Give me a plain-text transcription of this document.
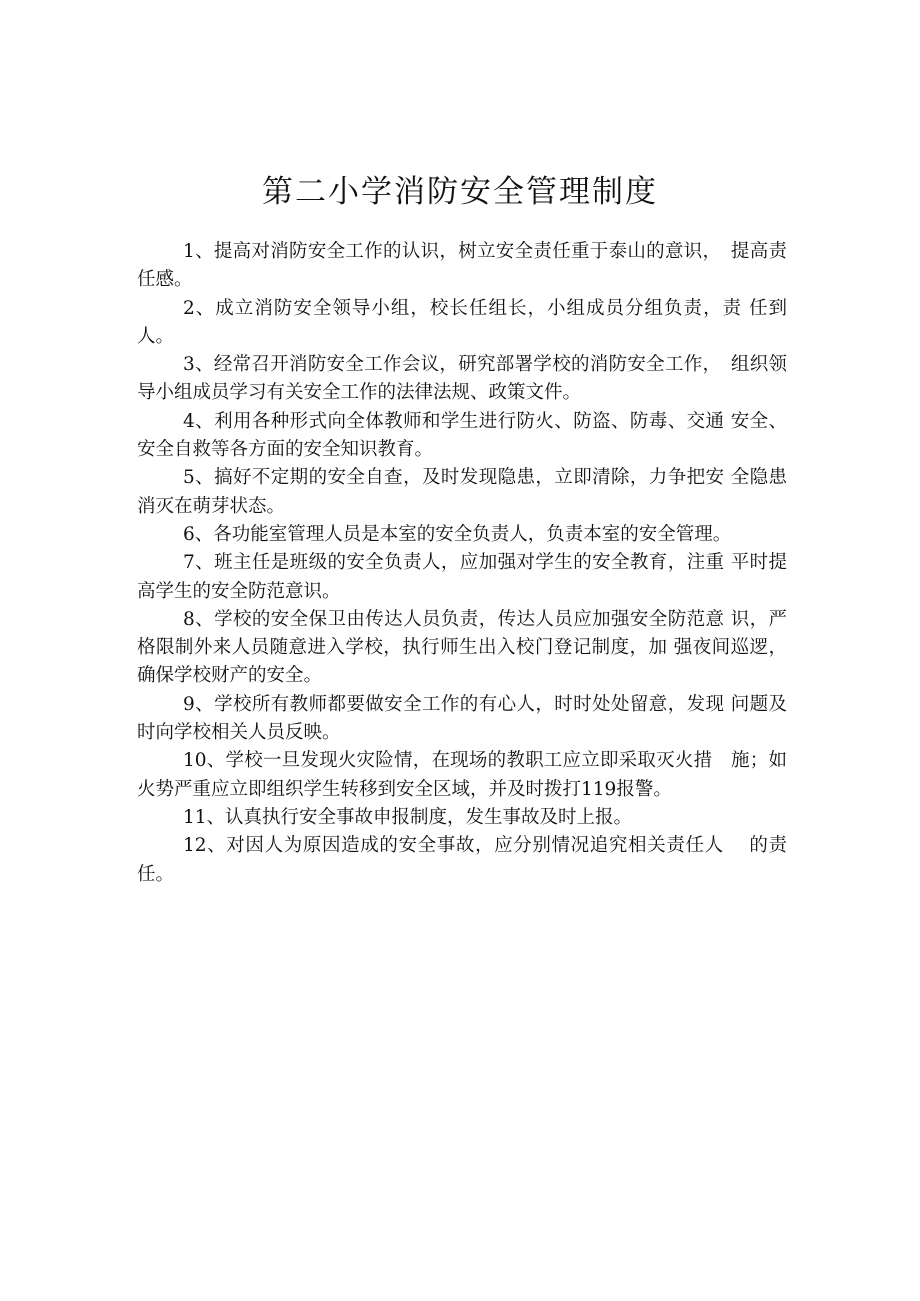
第二小学消防安全管理制度

1、提高对消防安全工作的认识，树立安全责任重于泰山的意识，　提高责任感。

2、成立消防安全领导小组，校长任组长，小组成员分组负责，责 任到人。

3、经常召开消防安全工作会议，研究部署学校的消防安全工作，　组织领导小组成员学习有关安全工作的法律法规、政策文件。

4、利用各种形式向全体教师和学生进行防火、防盗、防毒、交通 安全、安全自救等各方面的安全知识教育。

5、搞好不定期的安全自查，及时发现隐患，立即清除，力争把安 全隐患消灭在萌芽状态。

6、各功能室管理人员是本室的安全负责人，负责本室的安全管理。

7、班主任是班级的安全负责人，应加强对学生的安全教育，注重 平时提高学生的安全防范意识。

8、学校的安全保卫由传达人员负责，传达人员应加强安全防范意 识，严格限制外来人员随意进入学校，执行师生出入校门登记制度，加 强夜间巡逻，确保学校财产的安全。

9、学校所有教师都要做安全工作的有心人，时时处处留意，发现 问题及时向学校相关人员反映。

10、学校一旦发现火灾险情，在现场的教职工应立即采取灭火措　施；如火势严重应立即组织学生转移到安全区域，并及时拨打119报警。

11、认真执行安全事故申报制度，发生事故及时上报。

12、对因人为原因造成的安全事故，应分别情况追究相关责任人　 的责任。
